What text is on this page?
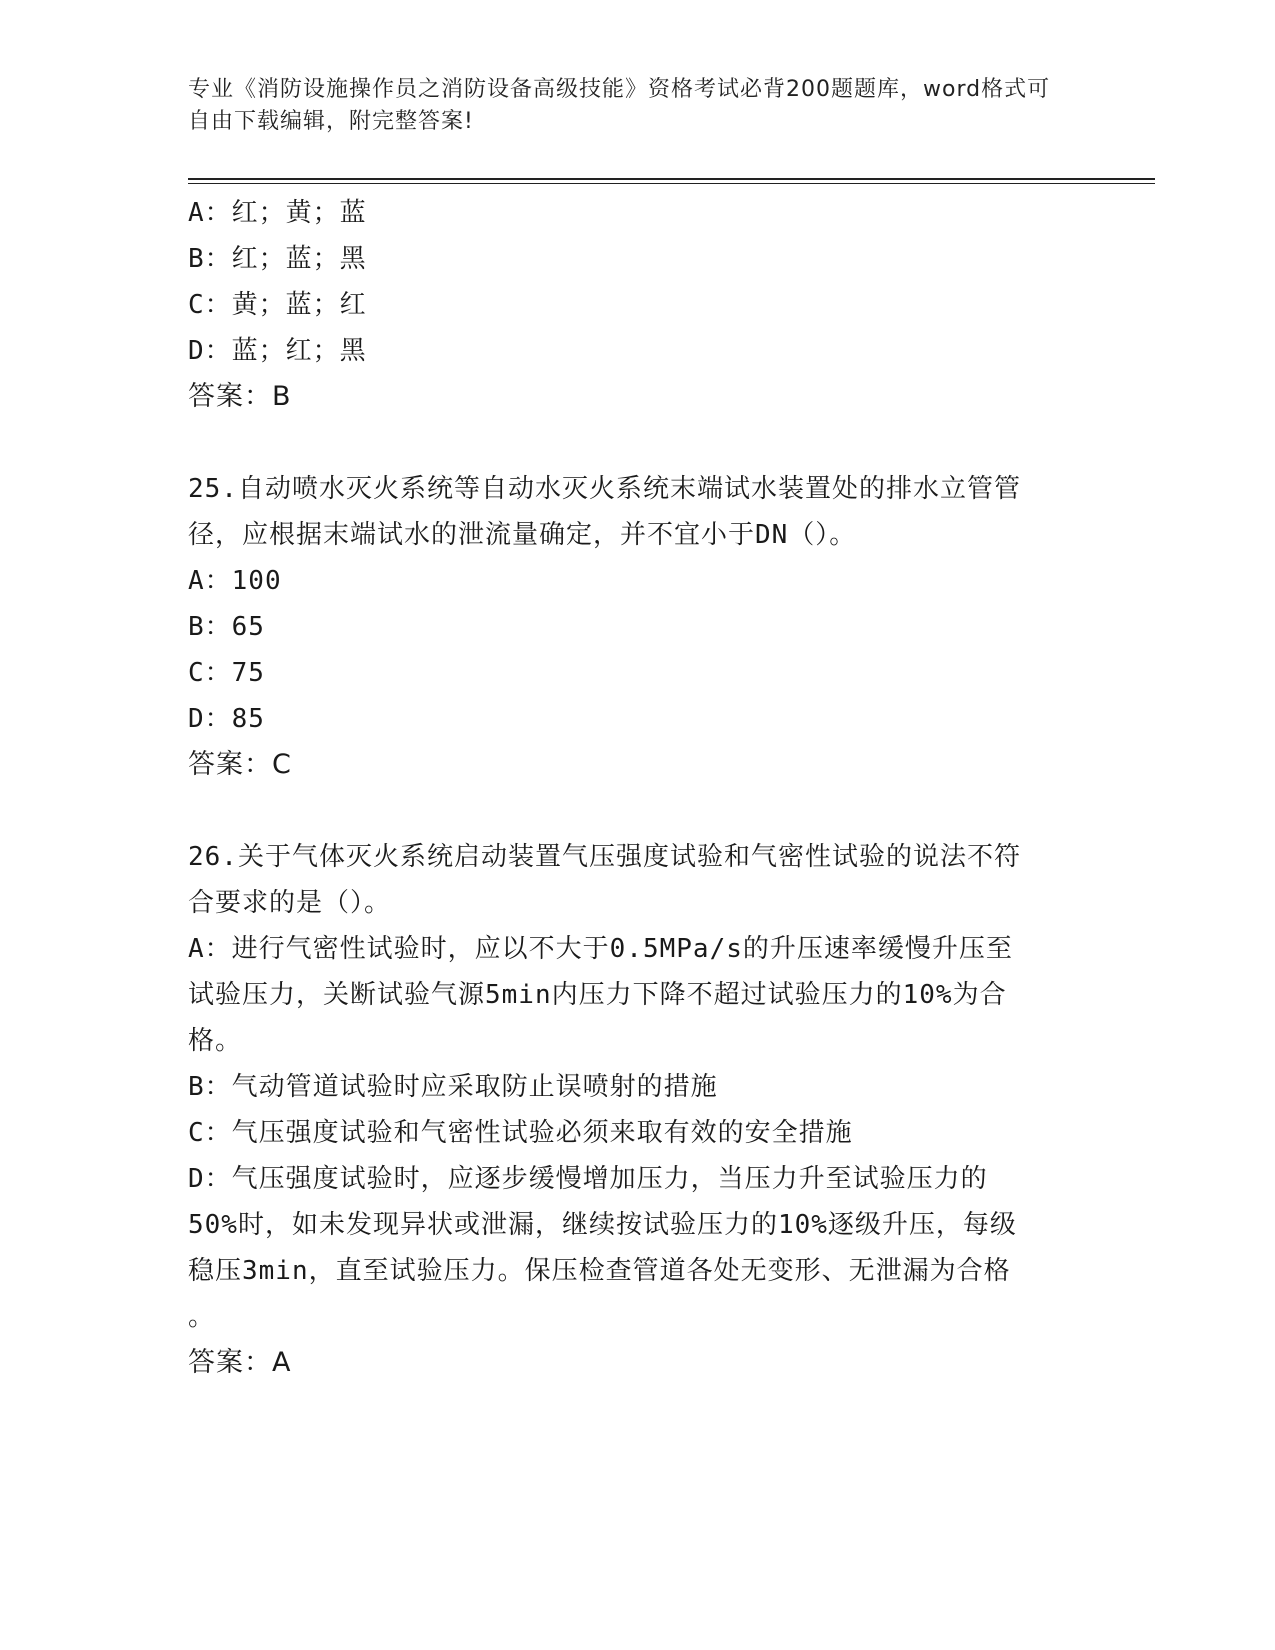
专业《消防设施操作员之消防设备高级技能》资格考试必背200题题库，word格式可自由下载编辑，附完整答案!
A：红；黄；蓝
B：红；蓝；黑
C：黄；蓝；红
D：蓝；红；黑
答案：B
25.自动喷水灭火系统等自动水灭火系统末端试水装置处的排水立管管
径，应根据末端试水的泄流量确定，并不宜小于DN（）。
A：100
B：65
C：75
D：85
答案：C
26.关于气体灭火系统启动装置气压强度试验和气密性试验的说法不符
合要求的是（）。
A：进行气密性试验时，应以不大于0.5MPa/s的升压速率缓慢升压至
试验压力，关断试验气源5min内压力下降不超过试验压力的10%为合
格。
B：气动管道试验时应采取防止误喷射的措施
C：气压强度试验和气密性试验必须来取有效的安全措施
D：气压强度试验时，应逐步缓慢增加压力，当压力升至试验压力的
50%时，如未发现异状或泄漏，继续按试验压力的10%逐级升压，每级
稳压3min，直至试验压力。保压检查管道各处无变形、无泄漏为合格
。
答案：A
